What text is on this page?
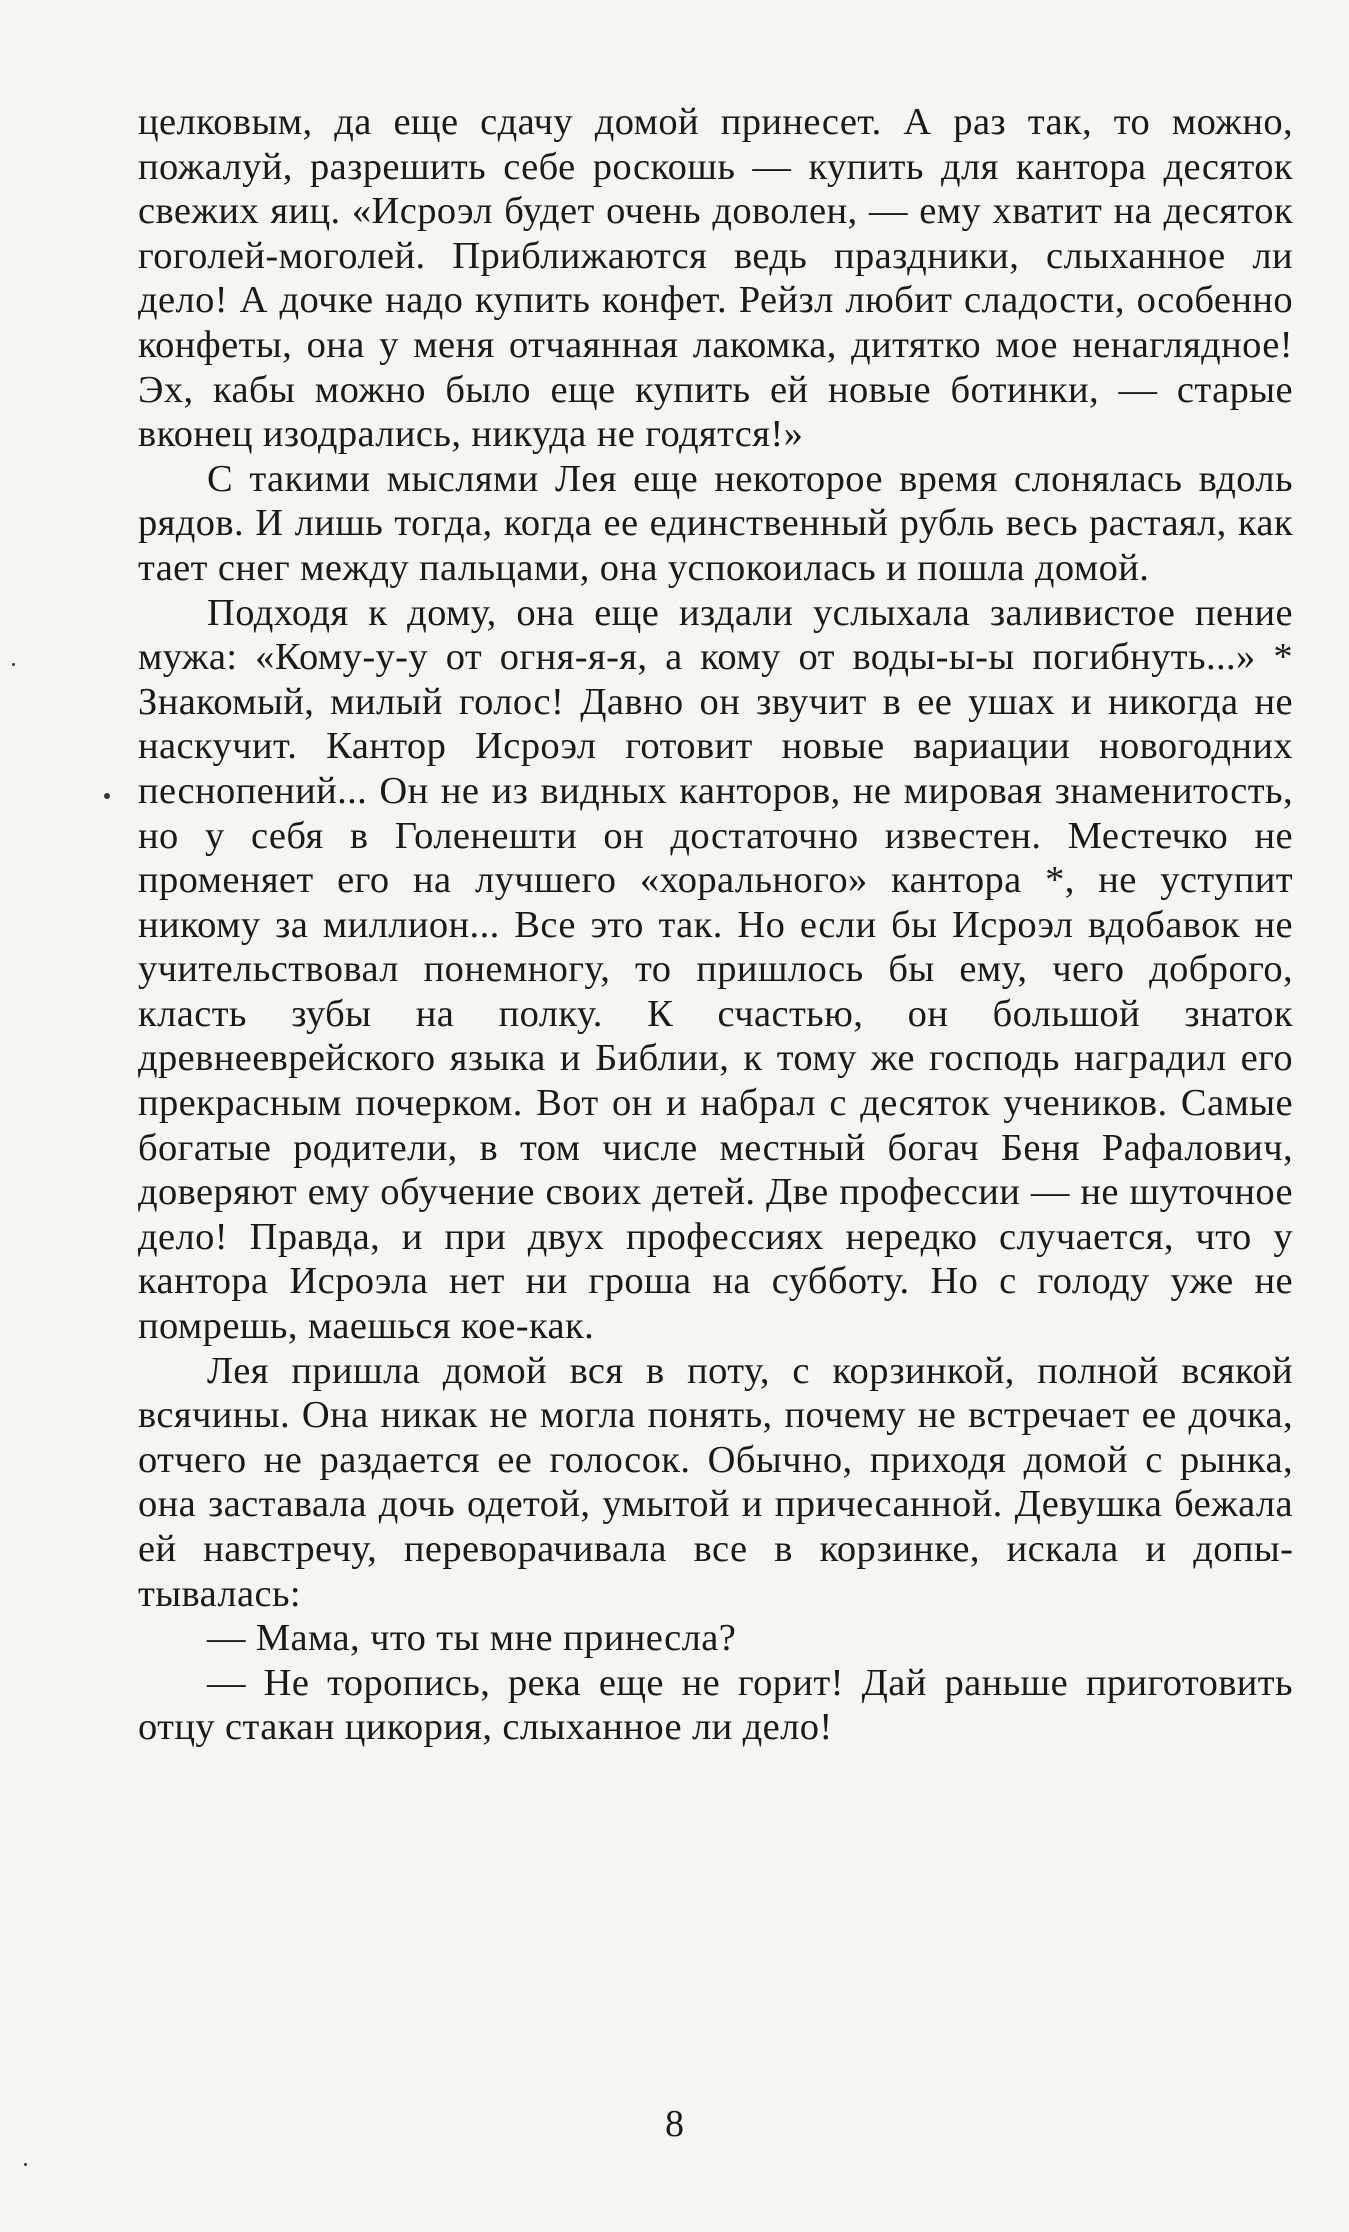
целковым, да еще сдачу домой принесет. А раз так, то можно, пожалуй, разрешить себе роскошь — купить для кантора десяток свежих яиц. «Исроэл будет очень доволен, — ему хватит на десяток гоголей-моголей. Приближаются ведь праздники, слыханное ли дело! А дочке надо купить конфет. Рейзл любит сладости, особенно конфеты, она у меня отчаянная лакомка, дитятко мое ненаглядное! Эх, кабы можно было еще купить ей новые ботинки, — старые вконец изодрались, никуда не годятся!»

С такими мыслями Лея еще некоторое время слонялась вдоль рядов. И лишь тогда, когда ее единственный рубль весь растаял, как тает снег между пальцами, она успокоилась и пошла домой.

Подходя к дому, она еще издали услыхала заливистое пение мужа: «Кому-у-у от огня-я-я, а кому от воды-ы-ы погибнуть...» * Знакомый, милый голос! Давно он звучит в ее ушах и никогда не наскучит. Кантор Исроэл готовит новые вариации новогодних песнопений... Он не из видных канторов, не мировая знаменитость, но у себя в Голенешти он достаточно известен. Местечко не променяет его на лучшего «хорального» кантора *, не уступит никому за миллион... Все это так. Но если бы Исроэл вдобавок не учительствовал понемногу, то пришлось бы ему, чего доброго, класть зубы на полку. К счастью, он большой знаток древнееврейского языка и Библии, к тому же господь наградил его прекрасным почерком. Вот он и набрал с десяток учеников. Самые богатые родители, в том числе местный богач Беня Рафалович, доверяют ему обучение своих детей. Две профессии — не шуточное дело! Правда, и при двух профессиях нередко случается, что у кантора Исроэла нет ни гроша на субботу. Но с голоду уже не помрешь, маешься кое-как.

Лея пришла домой вся в поту, с корзинкой, полной всякой всячины. Она никак не могла понять, почему не встречает ее дочка, отчего не раздается ее голосок. Обычно, приходя домой с рынка, она заставала дочь одетой, умытой и причесанной. Девушка бежала ей навстречу, переворачивала все в корзинке, искала и допытывалась:

— Мама, что ты мне принесла?

— Не торопись, река еще не горит! Дай раньше приготовить отцу стакан цикория, слыханное ли дело!

8
